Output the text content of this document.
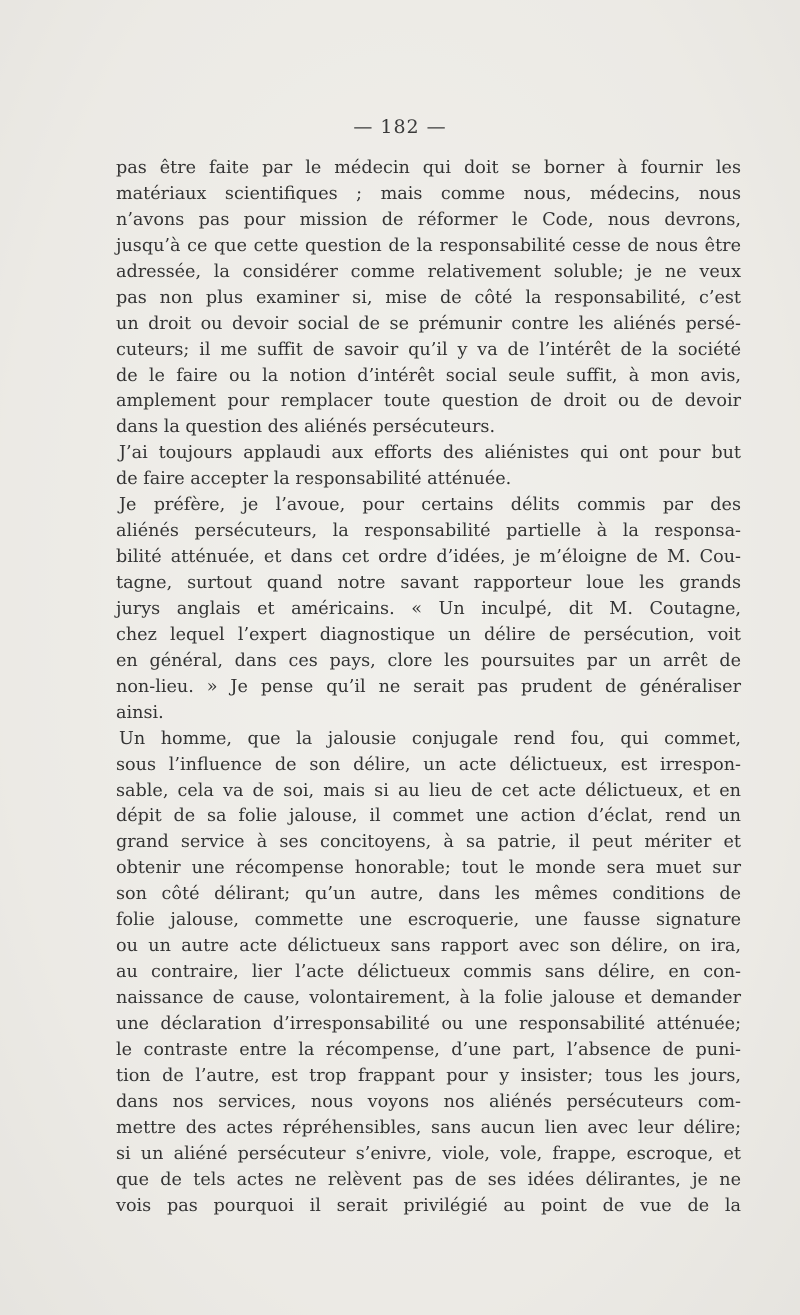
— 182 —
pas être faite par le médecin qui doit se borner à fournir les
matériaux scientifiques ; mais comme nous, médecins, nous
n’avons pas pour mission de réformer le Code, nous devrons,
jusqu’à ce que cette question de la responsabilité cesse de nous être
adressée, la considérer comme relativement soluble; je ne veux
pas non plus examiner si, mise de côté la responsabilité, c’est
un droit ou devoir social de se prémunir contre les aliénés persé-
cuteurs; il me suffit de savoir qu’il y va de l’intérêt de la société
de le faire ou la notion d’intérêt social seule suffit, à mon avis,
amplement pour remplacer toute question de droit ou de devoir
dans la question des aliénés persécuteurs.
J’ai toujours applaudi aux efforts des aliénistes qui ont pour but
de faire accepter la responsabilité atténuée.
Je préfère, je l’avoue, pour certains délits commis par des
aliénés persécuteurs, la responsabilité partielle à la responsa-
bilité atténuée, et dans cet ordre d’idées, je m’éloigne de M. Cou-
tagne, surtout quand notre savant rapporteur loue les grands
jurys anglais et américains. « Un inculpé, dit M. Coutagne,
chez lequel l’expert diagnostique un délire de persécution, voit
en général, dans ces pays, clore les poursuites par un arrêt de
non-lieu. » Je pense qu’il ne serait pas prudent de généraliser
ainsi.
Un homme, que la jalousie conjugale rend fou, qui commet,
sous l’influence de son délire, un acte délictueux, est irrespon-
sable, cela va de soi, mais si au lieu de cet acte délictueux, et en
dépit de sa folie jalouse, il commet une action d’éclat, rend un
grand service à ses concitoyens, à sa patrie, il peut mériter et
obtenir une récompense honorable; tout le monde sera muet sur
son côté délirant; qu’un autre, dans les mêmes conditions de
folie jalouse, commette une escroquerie, une fausse signature
ou un autre acte délictueux sans rapport avec son délire, on ira,
au contraire, lier l’acte délictueux commis sans délire, en con-
naissance de cause, volontairement, à la folie jalouse et demander
une déclaration d’irresponsabilité ou une responsabilité atténuée;
le contraste entre la récompense, d’une part, l’absence de puni-
tion de l’autre, est trop frappant pour y insister; tous les jours,
dans nos services, nous voyons nos aliénés persécuteurs com-
mettre des actes répréhensibles, sans aucun lien avec leur délire;
si un aliéné persécuteur s’enivre, viole, vole, frappe, escroque, et
que de tels actes ne relèvent pas de ses idées délirantes, je ne
vois pas pourquoi il serait privilégié au point de vue de la
